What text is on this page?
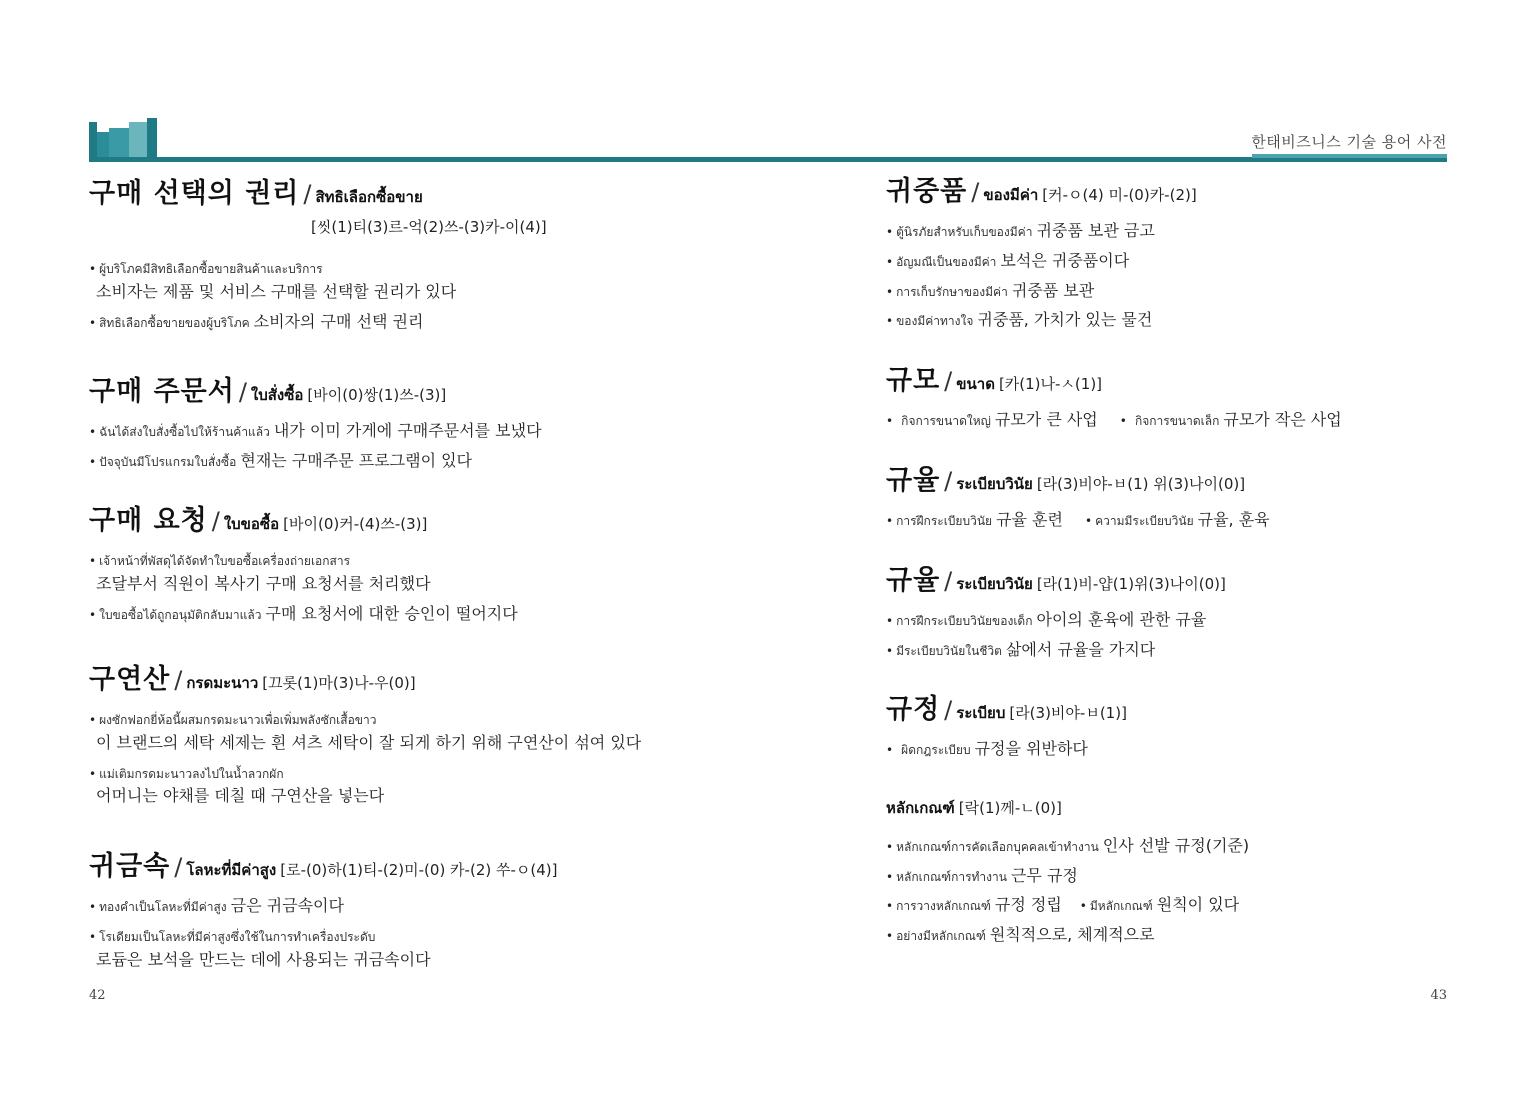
한태비즈니스 기술 용어 사전
구매 선택의 권리 / สิทธิเลือกซื้อขาย
[씻(1)티(3)르-억(2)쓰-(3)카-이(4)]
• ผู้บริโภคมีสิทธิเลือกซื้อขายสินค้าและบริการ
소비자는 제품 및 서비스 구매를 선택할 권리가 있다
• สิทธิเลือกซื้อขายของผู้บริโภค 소비자의 구매 선택 권리
구매 주문서 / ใบสั่งซื้อ [바이(0)쌍(1)쓰-(3)]
• ฉันได้ส่งใบสั่งซื้อไปให้ร้านค้าแล้ว 내가 이미 가게에 구매주문서를 보냈다
• ปัจจุบันมีโปรแกรมใบสั่งซื้อ 현재는 구매주문 프로그램이 있다
구매 요청 / ใบขอซื้อ [바이(0)커-(4)쓰-(3)]
• เจ้าหน้าที่พัสดุได้จัดทำใบขอซื้อเครื่องถ่ายเอกสาร
조달부서 직원이 복사기 구매 요청서를 처리했다
• ใบขอซื้อได้ถูกอนุมัติกลับมาแล้ว 구매 요청서에 대한 승인이 떨어지다
구연산 / กรดมะนาว [끄롯(1)마(3)나-우(0)]
• ผงซักฟอกยี่ห้อนี้ผสมกรดมะนาวเพื่อเพิ่มพลังซักเสื้อขาว
이 브랜드의 세탁 세제는 흰 셔츠 세탁이 잘 되게 하기 위해 구연산이 섞여 있다
• แม่เติมกรดมะนาวลงไปในน้ำลวกผัก
어머니는 야채를 데칠 때 구연산을 넣는다
귀금속 / โลหะที่มีค่าสูง [로-(0)하(1)티-(2)미-(0) 카-(2) 쑤-ㅇ(4)]
• ทองคำเป็นโลหะที่มีค่าสูง 금은 귀금속이다
• โรเดียมเป็นโลหะที่มีค่าสูงซึ่งใช้ในการทำเครื่องประดับ
로듐은 보석을 만드는 데에 사용되는 귀금속이다
귀중품 / ของมีค่า [커-ㅇ(4) 미-(0)카-(2)]
• ตู้นิรภัยสำหรับเก็บของมีค่า 귀중품 보관 금고
• อัญมณีเป็นของมีค่า 보석은 귀중품이다
• การเก็บรักษาของมีค่า 귀중품 보관
• ของมีค่าทางใจ 귀중품, 가치가 있는 물건
규모 / ขนาด [카(1)나-ㅅ(1)]
• กิจการขนาดใหญ่ 규모가 큰 사업 • กิจการขนาดเล็ก 규모가 작은 사업
규율 / ระเบียบวินัย [라(3)비야-ㅂ(1) 위(3)나이(0)]
• การฝึกระเบียบวินัย 규율 훈련 • ความมีระเบียบวินัย 규율, 훈육
규율 / ระเบียบวินัย [라(1)비-얍(1)위(3)나이(0)]
• การฝึกระเบียบวินัยของเด็ก 아이의 훈육에 관한 규율
• มีระเบียบวินัยในชีวิต 삶에서 규율을 가지다
규정 / ระเบียบ [라(3)비야-ㅂ(1)]
• ผิดกฎระเบียบ 규정을 위반하다
หลักเกณฑ์ [락(1)께-ㄴ(0)]
• หลักเกณฑ์การคัดเลือกบุคคลเข้าทำงาน 인사 선발 규정(기준)
• หลักเกณฑ์การทำงาน 근무 규정
• การวางหลักเกณฑ์ 규정 정립 • มีหลักเกณฑ์ 원칙이 있다
• อย่างมีหลักเกณฑ์ 원칙적으로, 체계적으로
42	43
